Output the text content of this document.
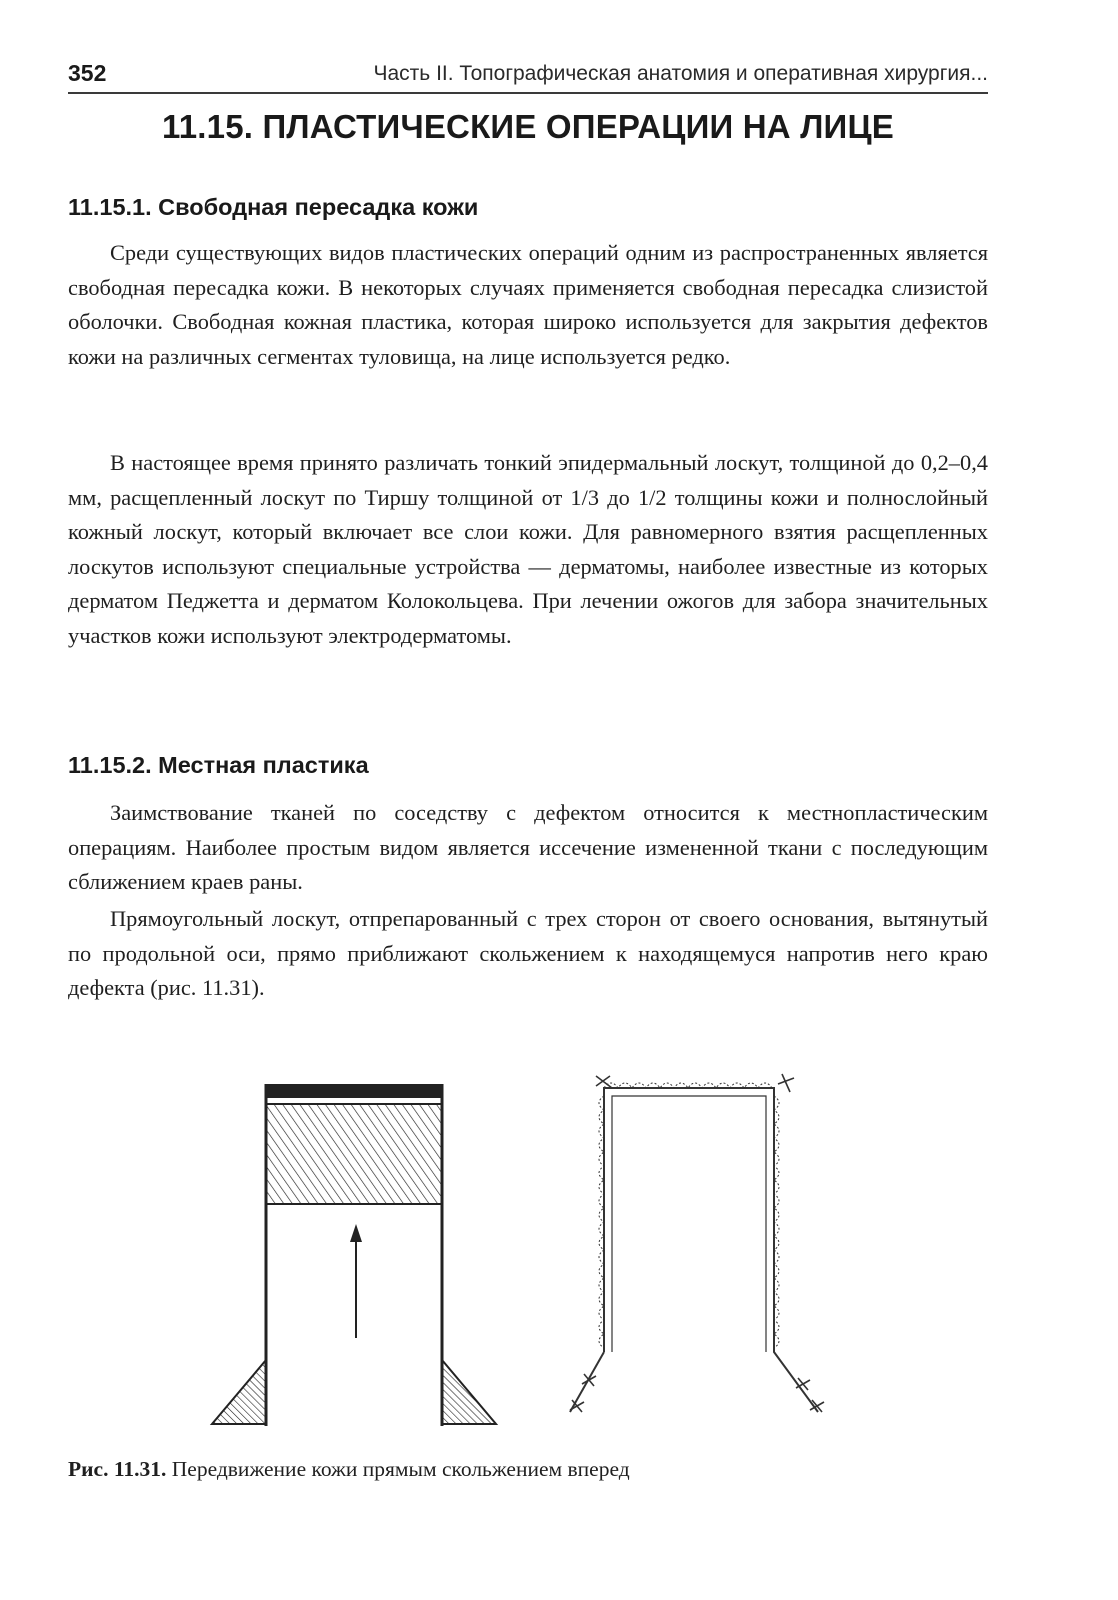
352	Часть II. Топографическая анатомия и оперативная хирургия...
11.15. ПЛАСТИЧЕСКИЕ ОПЕРАЦИИ НА ЛИЦЕ
11.15.1. Свободная пересадка кожи

Среди существующих видов пластических операций одним из распространенных является свободная пересадка кожи. В некоторых случаях применяется свободная пересадка слизистой оболочки. Свободная кожная пластика, которая широко используется для закрытия дефектов кожи на различных сегментах туловища, на лице используется редко.

В настоящее время принято различать тонкий эпидермальный лоскут, толщиной до 0,2–0,4 мм, расщепленный лоскут по Тиршу толщиной от 1/3 до 1/2 толщины кожи и полнослойный кожный лоскут, который включает все слои кожи. Для равномерного взятия расщепленных лоскутов используют специальные устройства — дерматомы, наиболее известные из которых дерматом Педжетта и дерматом Колокольцева. При лечении ожогов для забора значительных участков кожи используют электродерматомы.

11.15.2. Местная пластика

Заимствование тканей по соседству с дефектом относится к местнопластическим операциям. Наиболее простым видом является иссечение измененной ткани с последующим сближением краев раны.

Прямоугольный лоскут, отпрепарованный с трех сторон от своего основания, вытянутый по продольной оси, прямо приближают скольжением к находящемуся напротив него краю дефекта (рис. 11.31).

Рис. 11.31. Передвижение кожи прямым скольжением вперед
